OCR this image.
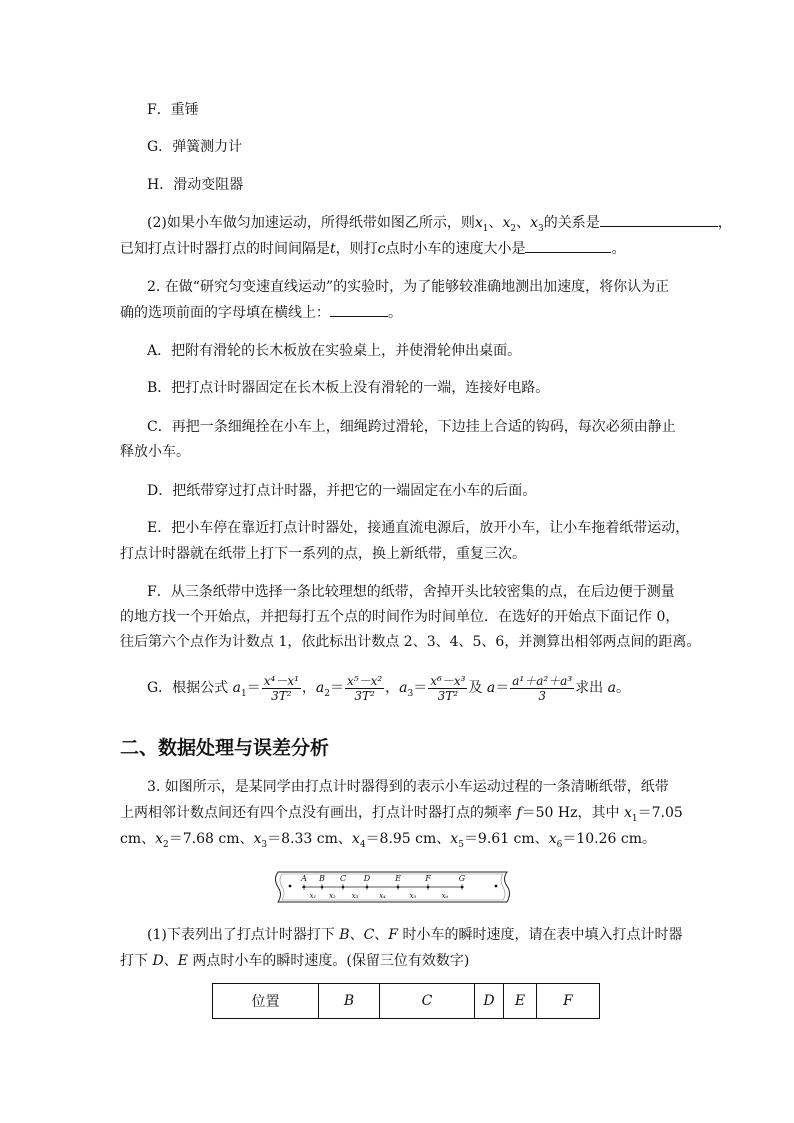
F．重锤
G．弹簧测力计
H．滑动变阻器
(2)如果小车做匀加速运动，所得纸带如图乙所示，则$x_1$、$x_2$、$x_3$的关系是	，
已知打点计时器打点的时间间隔是t，则打c点时小车的速度大小是	。
2. 在做“研究匀变速直线运动”的实验时，为了能够较准确地测出加速度，将你认为正
确的选项前面的字母填在横线上：	。
A．把附有滑轮的长木板放在实验桌上，并使滑轮伸出桌面。
B．把打点计时器固定在长木板上没有滑轮的一端，连接好电路。
C．再把一条细绳拴在小车上，细绳跨过滑轮，下边挂上合适的钩码，每次必须由静止
释放小车。
D．把纸带穿过打点计时器，并把它的一端固定在小车的后面。
E．把小车停在靠近打点计时器处，接通直流电源后，放开小车，让小车拖着纸带运动，
打点计时器就在纸带上打下一系列的点，换上新纸带，重复三次。
F．从三条纸带中选择一条比较理想的纸带，舍掉开头比较密集的点，在后边便于测量
的地方找一个开始点，并把每打五个点的时间作为时间单位．在选好的开始点下面记作 0，
往后第六个点作为计数点 1，依此标出计数点 2、3、4、5、6，并测算出相邻两点间的距离。
G．根据公式 $a_1= \frac{\text{x⁴－x¹}}{\text{3T²}}$ ，$a_2= \frac{\text{x⁵－x²}}{\text{3T²}}$ ，$a_3= \frac{\text{x⁶－x³}}{\text{3T²}}$ 及 $a= \frac{\text{a¹＋a²＋a³}}{3}$ 求出 a。
二、数据处理与误差分析
3. 如图所示，是某同学由打点计时器得到的表示小车运动过程的一条清晰纸带，纸带
上两相邻计数点间还有四个点没有画出，打点计时器打点的频率 f＝50 Hz，其中 $x_1=7.05$
cm、$x_2=7.68$ cm、$x_3=8.33$ cm、$x_4=8.95$ cm、$x_5=9.61$ cm、$x_6=10.26$ cm。
A B C D	E	F	G
x₁ x₂ x₃	x₄	x₅	x₆
(1)下表列出了打点计时器打下 B、C、F 时小车的瞬时速度，请在表中填入打点计时器
打下 D、E 两点时小车的瞬时速度。(保留三位有效数字)
位置	B	C	D	E	F
